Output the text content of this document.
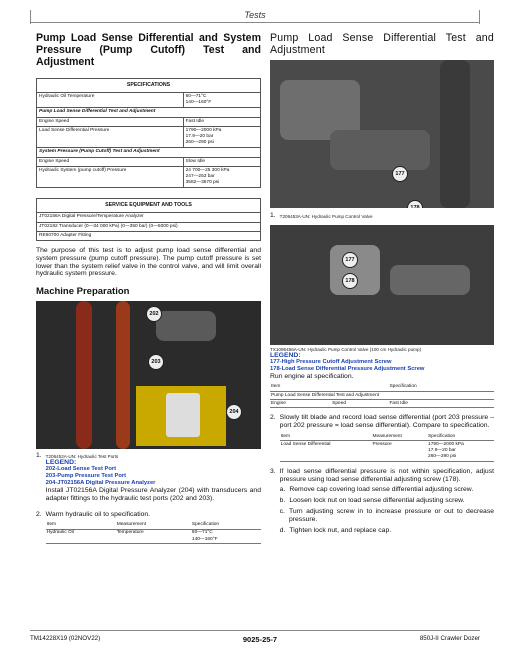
Tests
Pump Load Sense Differential and System Pressure (Pump Cutoff) Test and Adjustment
SPECIFICATIONS	
Hydraulic Oil Temperature	60—71°C
140—160°F
Pump Load Sense Differential Test and Adjustment	
Engine Speed	Fast Idle
Load Sense Differential Pressure	1790—2000 kPa
17.9—20 bar
260—290 psi
System Pressure (Pump Cutoff) Test and Adjustment	
Engine Speed	Slow Idle
Hydraulic System (pump cutoff) Pressure	24 700—25 300 kPa
247—253 bar
3582—3670 psi
SERVICE EQUIPMENT AND TOOLS
JT02156A Digital Pressure/Temperature Analyzer
JT02182 Transducer (0—34 000 kPa) (0—350 bar) (0—5000 psi)
RE60700 Adapter Fitting
The purpose of this test is to adjust pump load sense differential and system pressure (pump cutoff pressure). The pump cutoff pressure is set lower than the system relief valve in the control valve, and will limit overall hydraulic system pressure.
Machine Preparation
202
203
204
1. T206452A-UN: Hydraulic Test Ports
LEGEND:
202-Load Sense Test Port
203-Pump Pressure Test Port
204-JT02156A Digital Pressure Analyzer
Install JT02156A Digital Pressure Analyzer (204) with transducers and adapter fittings to the hydraulic test ports (202 and 203).
2. Warm hydraulic oil to specification.
Item	Measurement	Specification
Hydraulic Oil	Temperature	60—71°C
140—160°F
Pump Load Sense Differential Test and Adjustment
177
178
1. T206453A-UN: Hydraulic Pump Control Valve
177
178
TX1096456A-UN: Hydraulic Pump Control Valve (100 cm Hydraulic pump)
LEGEND:
177-High Pressure Cutoff Adjustment Screw
178-Load Sense Differential Pressure Adjustment Screw
Run engine at specification.
Item		Specification
Pump Load Sense Differential Test and Adjustment		
Engine	Speed	Fast Idle
2. Slowly tilt blade and record load sense differential (port 203 pressure – port 202 pressure = load sense differential). Compare to specification.
Item	Measurement	Specification
Load Sense Differential	Pressure	1790—2000 kPa
17.9—20 bar
260—290 psi
3. If load sense differential pressure is not within specification, adjust pressure using load sense differential adjusting screw (178).
a. Remove cap covering load sense differential adjusting screw.
b. Loosen lock nut on load sense differential adjusting screw.
c. Turn adjusting screw in to increase pressure or out to decrease pressure.
d. Tighten lock nut, and replace cap.
TM14228X19 (02NOV22)	9025-25-7	850J-II Crawler Dozer
